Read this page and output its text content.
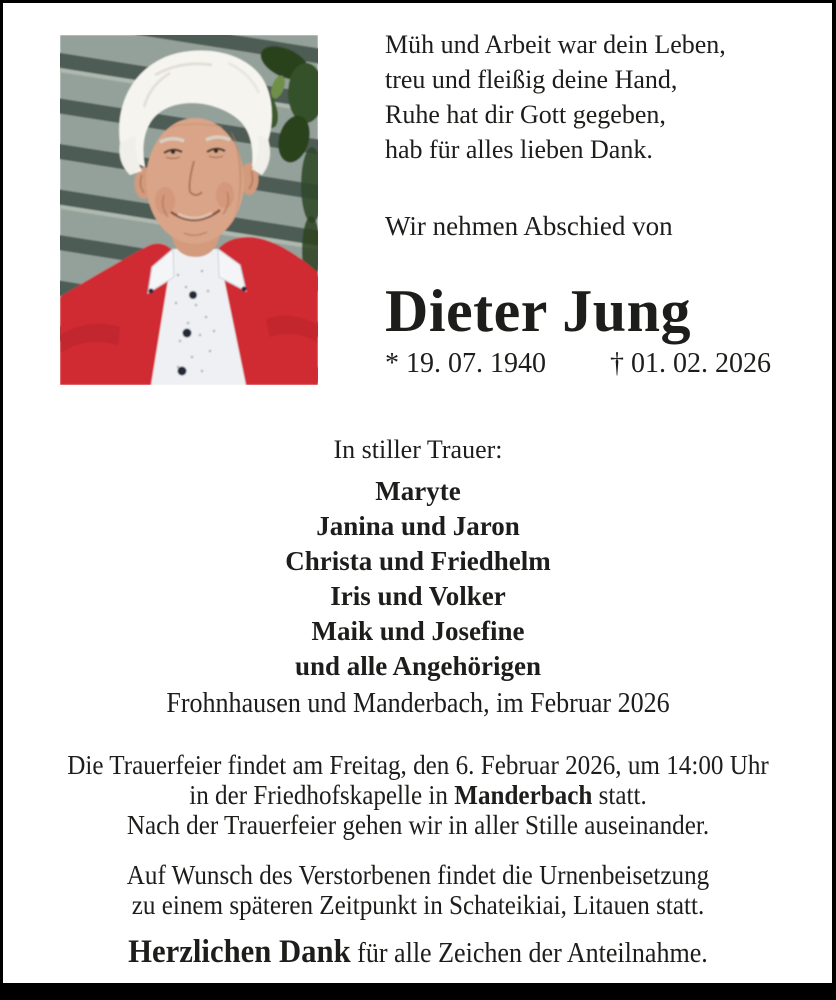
Müh und Arbeit war dein Leben,
treu und fleißig deine Hand,
Ruhe hat dir Gott gegeben,
hab für alles lieben Dank.
Wir nehmen Abschied von
Dieter Jung
* 19. 07. 1940 † 01. 02. 2026
In stiller Trauer:
Maryte
Janina und Jaron
Christa und Friedhelm
Iris und Volker
Maik und Josefine
und alle Angehörigen
Frohnhausen und Manderbach, im Februar 2026
Die Trauerfeier findet am Freitag, den 6. Februar 2026, um 14:00 Uhr
in der Friedhofskapelle in Manderbach statt.
Nach der Trauerfeier gehen wir in aller Stille auseinander.
Auf Wunsch des Verstorbenen findet die Urnenbeisetzung
zu einem späteren Zeitpunkt in Schateikiai, Litauen statt.
Herzlichen Dank für alle Zeichen der Anteilnahme.
